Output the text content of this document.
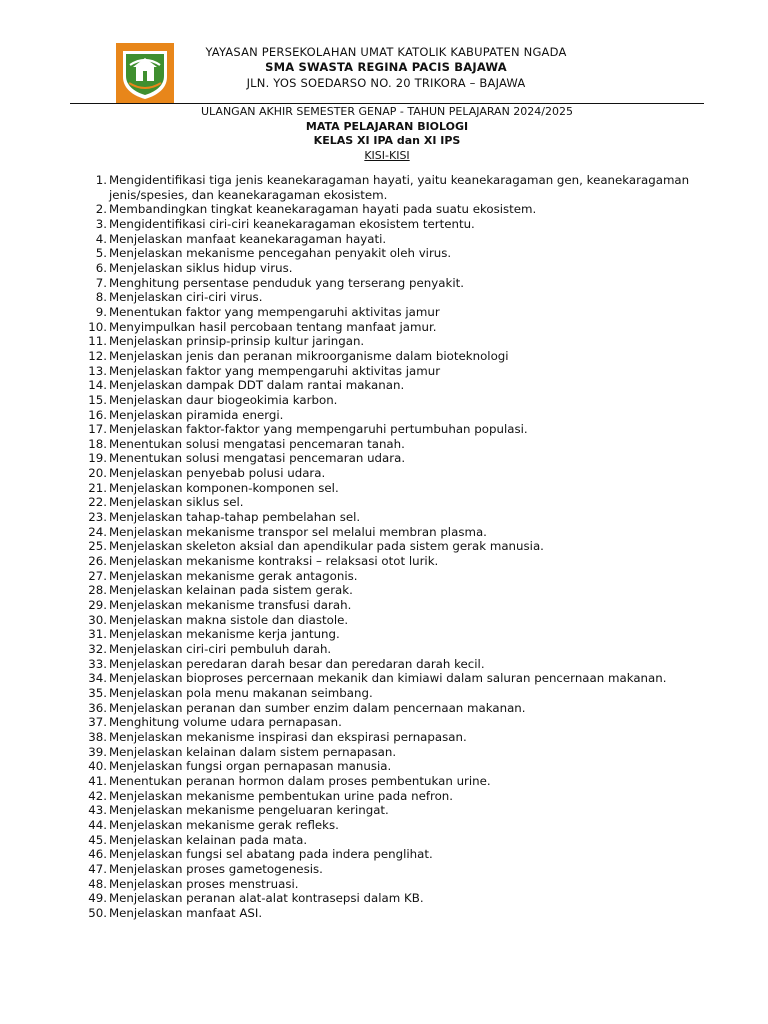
YAYASAN PERSEKOLAHAN UMAT KATOLIK KABUPATEN NGADA
SMA SWASTA REGINA PACIS BAJAWA
JLN. YOS SOEDARSO NO. 20 TRIKORA – BAJAWA
ULANGAN AKHIR SEMESTER GENAP - TAHUN PELAJARAN 2024/2025
MATA PELAJARAN BIOLOGI
KELAS XI IPA dan XI IPS
KISI-KISI
1. Mengidentifikasi tiga jenis keanekaragaman hayati, yaitu keanekaragaman gen, keanekaragaman jenis/spesies, dan keanekaragaman ekosistem.
2. Membandingkan tingkat keanekaragaman hayati pada suatu ekosistem.
3. Mengidentifikasi ciri-ciri keanekaragaman ekosistem tertentu.
4. Menjelaskan manfaat keanekaragaman hayati.
5. Menjelaskan mekanisme pencegahan penyakit oleh virus.
6. Menjelaskan siklus hidup virus.
7. Menghitung persentase penduduk yang terserang penyakit.
8. Menjelaskan ciri-ciri virus.
9. Menentukan faktor yang mempengaruhi aktivitas jamur
10. Menyimpulkan hasil percobaan tentang manfaat jamur.
11. Menjelaskan prinsip-prinsip kultur jaringan.
12. Menjelaskan jenis dan peranan mikroorganisme dalam bioteknologi
13. Menjelaskan faktor yang mempengaruhi aktivitas jamur
14. Menjelaskan dampak DDT dalam rantai makanan.
15. Menjelaskan daur biogeokimia karbon.
16. Menjelaskan piramida energi.
17. Menjelaskan faktor-faktor yang mempengaruhi pertumbuhan populasi.
18. Menentukan solusi mengatasi pencemaran tanah.
19. Menentukan solusi mengatasi pencemaran udara.
20. Menjelaskan penyebab polusi udara.
21. Menjelaskan komponen-komponen sel.
22. Menjelaskan siklus sel.
23. Menjelaskan tahap-tahap pembelahan sel.
24. Menjelaskan mekanisme transpor sel melalui membran plasma.
25. Menjelaskan skeleton aksial dan apendikular pada sistem gerak manusia.
26. Menjelaskan mekanisme kontraksi – relaksasi otot lurik.
27. Menjelaskan mekanisme gerak antagonis.
28. Menjelaskan kelainan pada sistem gerak.
29. Menjelaskan mekanisme transfusi darah.
30. Menjelaskan makna sistole dan diastole.
31. Menjelaskan mekanisme kerja jantung.
32. Menjelaskan ciri-ciri pembuluh darah.
33. Menjelaskan peredaran darah besar dan peredaran darah kecil.
34. Menjelaskan bioproses percernaan mekanik dan kimiawi dalam saluran pencernaan makanan.
35. Menjelaskan pola menu makanan seimbang.
36. Menjelaskan peranan dan sumber enzim dalam pencernaan makanan.
37. Menghitung volume udara pernapasan.
38. Menjelaskan mekanisme inspirasi dan ekspirasi pernapasan.
39. Menjelaskan kelainan dalam sistem pernapasan.
40. Menjelaskan fungsi organ pernapasan manusia.
41. Menentukan peranan hormon dalam proses pembentukan urine.
42. Menjelaskan mekanisme pembentukan urine pada nefron.
43. Menjelaskan mekanisme pengeluaran keringat.
44. Menjelaskan mekanisme gerak refleks.
45. Menjelaskan kelainan pada mata.
46. Menjelaskan fungsi sel abatang pada indera penglihat.
47. Menjelaskan proses gametogenesis.
48. Menjelaskan proses menstruasi.
49. Menjelaskan peranan alat-alat kontrasepsi dalam KB.
50. Menjelaskan manfaat ASI.
